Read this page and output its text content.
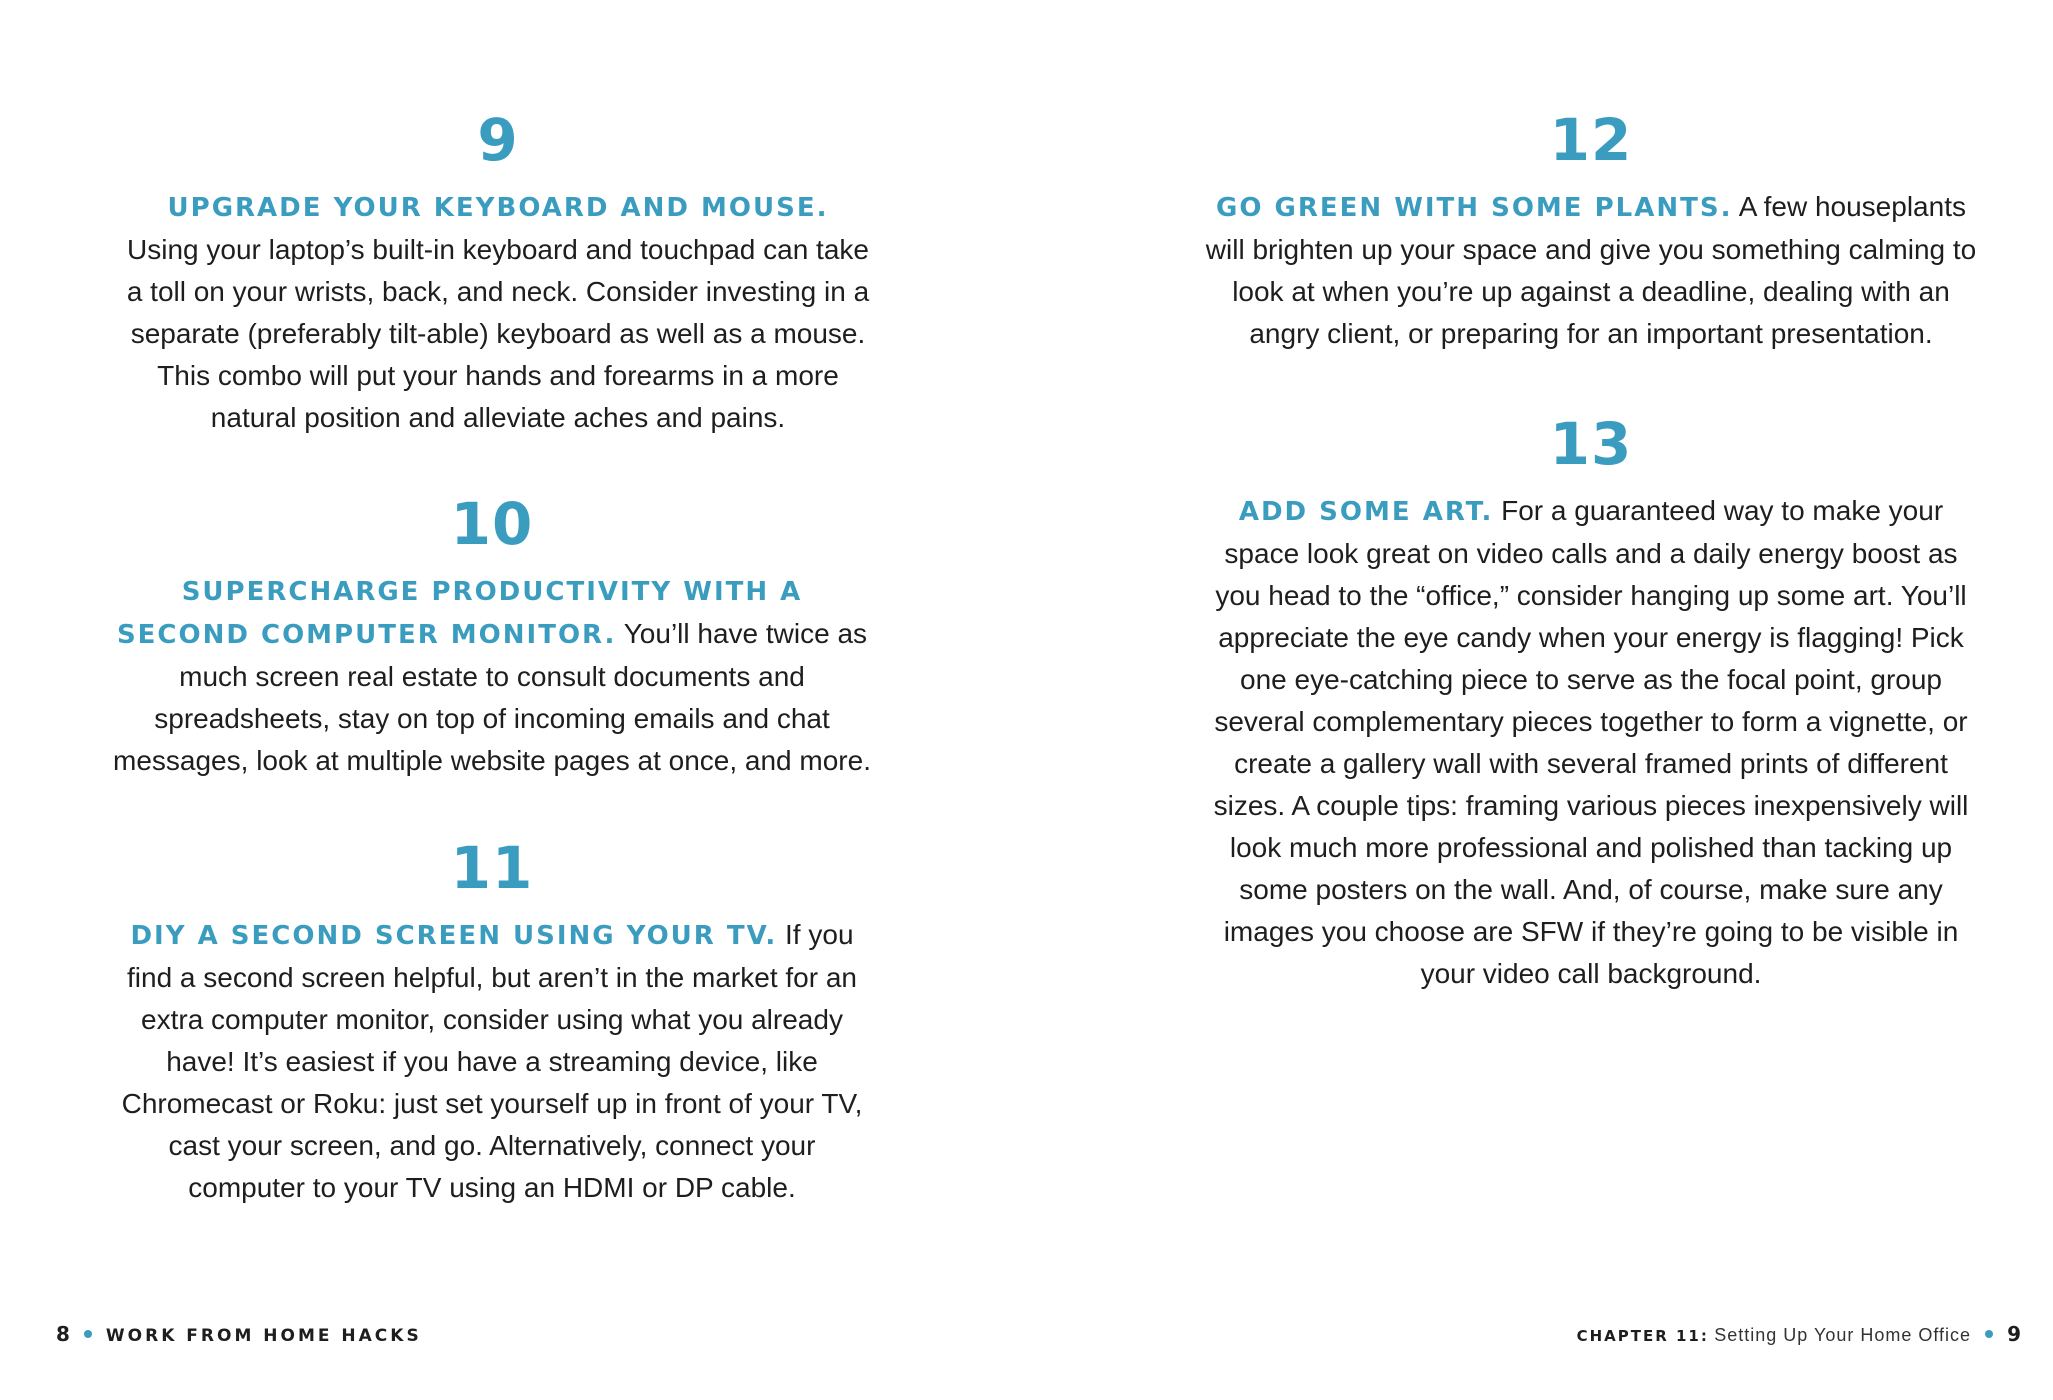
9
UPGRADE YOUR KEYBOARD AND MOUSE.
Using your laptop’s built-in keyboard and touchpad can take a toll on your wrists, back, and neck. Consider investing in a separate (preferably tilt-able) keyboard as well as a mouse. This combo will put your hands and forearms in a more natural position and alleviate aches and pains.
10
SUPERCHARGE PRODUCTIVITY WITH A SECOND COMPUTER MONITOR. You’ll have twice as much screen real estate to consult documents and spreadsheets, stay on top of incoming emails and chat messages, look at multiple website pages at once, and more.
11
DIY A SECOND SCREEN USING YOUR TV. If you find a second screen helpful, but aren’t in the market for an extra computer monitor, consider using what you already have! It’s easiest if you have a streaming device, like Chromecast or Roku: just set yourself up in front of your TV, cast your screen, and go. Alternatively, connect your computer to your TV using an HDMI or DP cable.
8 WORK FROM HOME HACKS
12
GO GREEN WITH SOME PLANTS. A few houseplants will brighten up your space and give you something calming to look at when you’re up against a deadline, dealing with an angry client, or preparing for an important presentation.
13
ADD SOME ART. For a guaranteed way to make your space look great on video calls and a daily energy boost as you head to the “office,” consider hanging up some art. You’ll appreciate the eye candy when your energy is flagging! Pick one eye-catching piece to serve as the focal point, group several complementary pieces together to form a vignette, or create a gallery wall with several framed prints of different sizes. A couple tips: framing various pieces inexpensively will look much more professional and polished than tacking up some posters on the wall. And, of course, make sure any images you choose are SFW if they’re going to be visible in your video call background.
CHAPTER 11: Setting Up Your Home Office 9
